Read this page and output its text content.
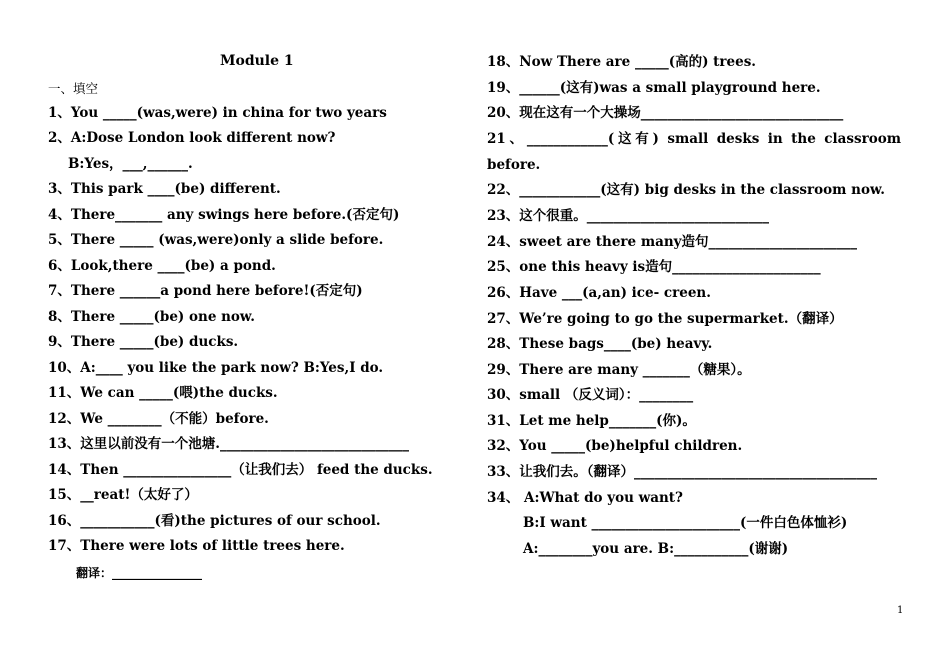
Module 1
一、填空
1、You _____(was,were) in china for two years
2、A:Dose London look different now?
B:Yes，___,______.
3、This park ____(be) different.
4、There_______ any swings here before.(否定句)
5、There _____ (was,were)only a slide before.
6、Look,there ____(be) a pond.
7、There ______a pond here before!(否定句)
8、There _____(be) one now.
9、There _____(be) ducks.
10、A:____ you like the park now? B:Yes,I do.
11、We can _____(喂)the ducks.
12、We ________（不能）before.
13、这里以前没有一个池塘.____________________________
14、Then ________________（让我们去） feed the ducks.
15、__reat!（太好了）
16、___________(看)the pictures of our school.
17、There were lots of little trees here.
翻译：_______________
18、Now There are _____(高的) trees.
19、______(这有)was a small playground here.
20、现在这有一个大操场______________________________
21、____________(这有) small desks in the classroom
before.
22、____________(这有) big desks in the classroom now.
23、这个很重。___________________________
24、sweet are there many造句______________________
25、one this heavy is造句______________________
26、Have ___(a,an) ice- creen.
27、We’re going to go the supermarket.（翻译）
28、These bags____(be) heavy.
29、There are many _______（糖果）。
30、small （反义词）：________
31、Let me help_______(你)。
32、You _____(be)helpful children.
33、让我们去。（翻译）____________________________________
34、 A:What do you want?
B:I want ______________________(一件白色体恤衫)
A:________you are. B:___________(谢谢)
1
